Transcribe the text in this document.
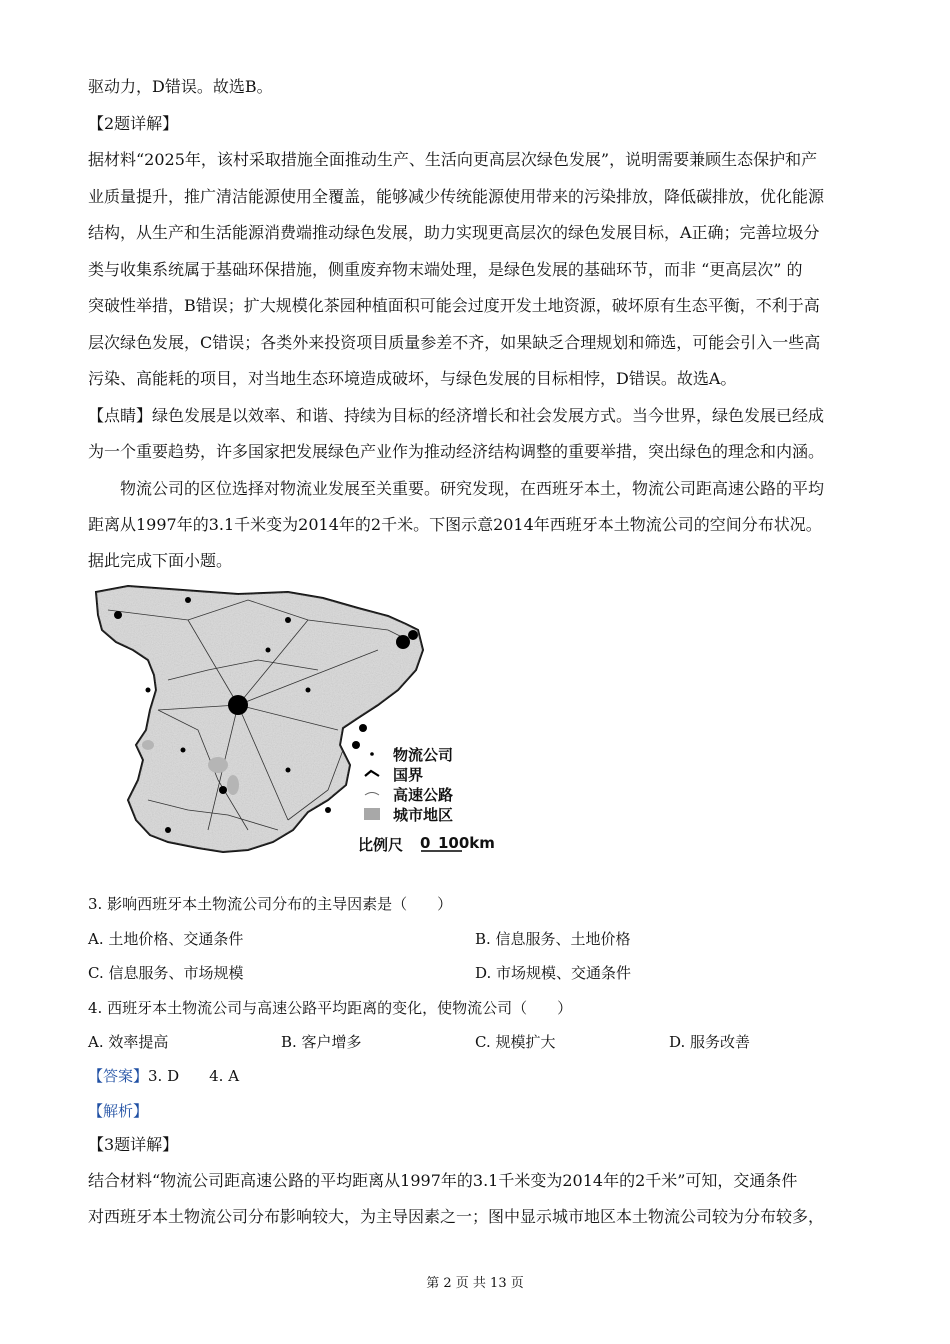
驱动力，D错误。故选B。
【2题详解】
据材料“2025年，该村采取措施全面推动生产、生活向更高层次绿色发展”，说明需要兼顾生态保护和产
业质量提升，推广清洁能源使用全覆盖，能够减少传统能源使用带来的污染排放，降低碳排放，优化能源
结构，从生产和生活能源消费端推动绿色发展，助力实现更高层次的绿色发展目标，A正确；完善垃圾分
类与收集系统属于基础环保措施，侧重废弃物末端处理，是绿色发展的基础环节，而非 “更高层次” 的
突破性举措，B错误；扩大规模化茶园种植面积可能会过度开发土地资源，破坏原有生态平衡，不利于高
层次绿色发展，C错误；各类外来投资项目质量参差不齐，如果缺乏合理规划和筛选，可能会引入一些高
污染、高能耗的项目，对当地生态环境造成破坏，与绿色发展的目标相悖，D错误。故选A。
【点睛】绿色发展是以效率、和谐、持续为目标的经济增长和社会发展方式。当今世界，绿色发展已经成
为一个重要趋势，许多国家把发展绿色产业作为推动经济结构调整的重要举措，突出绿色的理念和内涵。
物流公司的区位选择对物流业发展至关重要。研究发现，在西班牙本土，物流公司距高速公路的平均
距离从1997年的3.1千米变为2014年的2千米。下图示意2014年西班牙本土物流公司的空间分布状况。
据此完成下面小题。
物流公司
国界
高速公路
城市地区
比例尺 0 100km
3. 影响西班牙本土物流公司分布的主导因素是（　　）
A. 土地价格、交通条件	B. 信息服务、土地价格
C. 信息服务、市场规模	D. 市场规模、交通条件
4. 西班牙本土物流公司与高速公路平均距离的变化，使物流公司（　　）
A. 效率提高	B. 客户增多	C. 规模扩大	D. 服务改善
【答案】3. D　　4. A
【解析】
【3题详解】
结合材料“物流公司距高速公路的平均距离从1997年的3.1千米变为2014年的2千米”可知，交通条件
对西班牙本土物流公司分布影响较大，为主导因素之一；图中显示城市地区本土物流公司较为分布较多，
第 2 页 共 13 页
